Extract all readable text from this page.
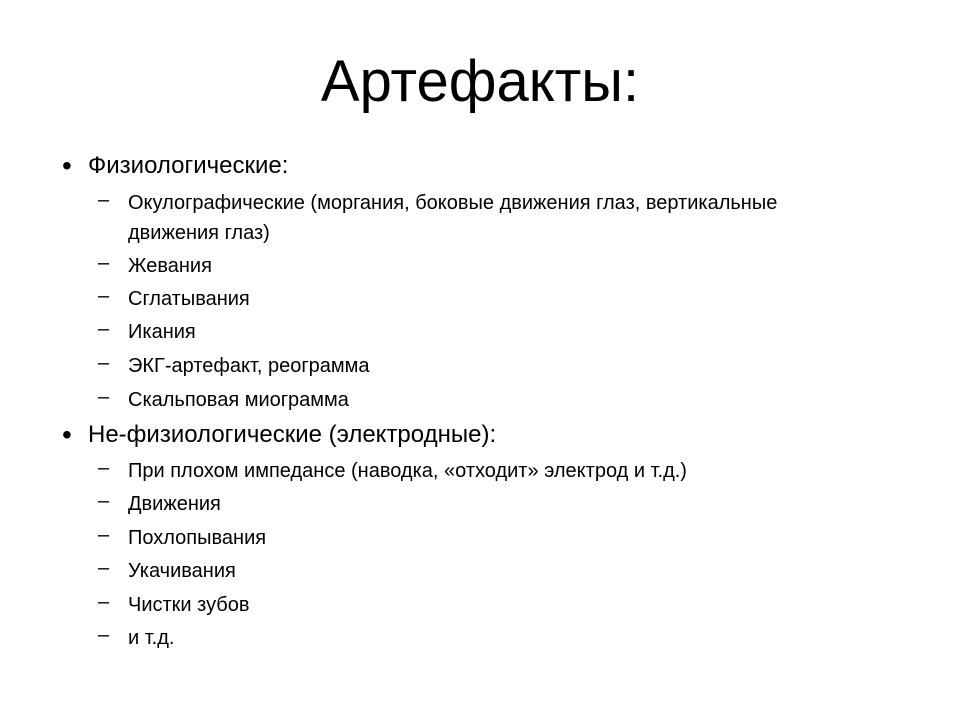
Артефакты:
• Физиологические:
– Окулографические (моргания, боковые движения глаз, вертикальные движения глаз)
– Жевания
– Сглатывания
– Икания
– ЭКГ-артефакт, реограмма
– Скальповая миограмма
• Не-физиологические (электродные):
– При плохом импедансе (наводка, «отходит» электрод и т.д.)
– Движения
– Похлопывания
– Укачивания
– Чистки зубов
– и т.д.
